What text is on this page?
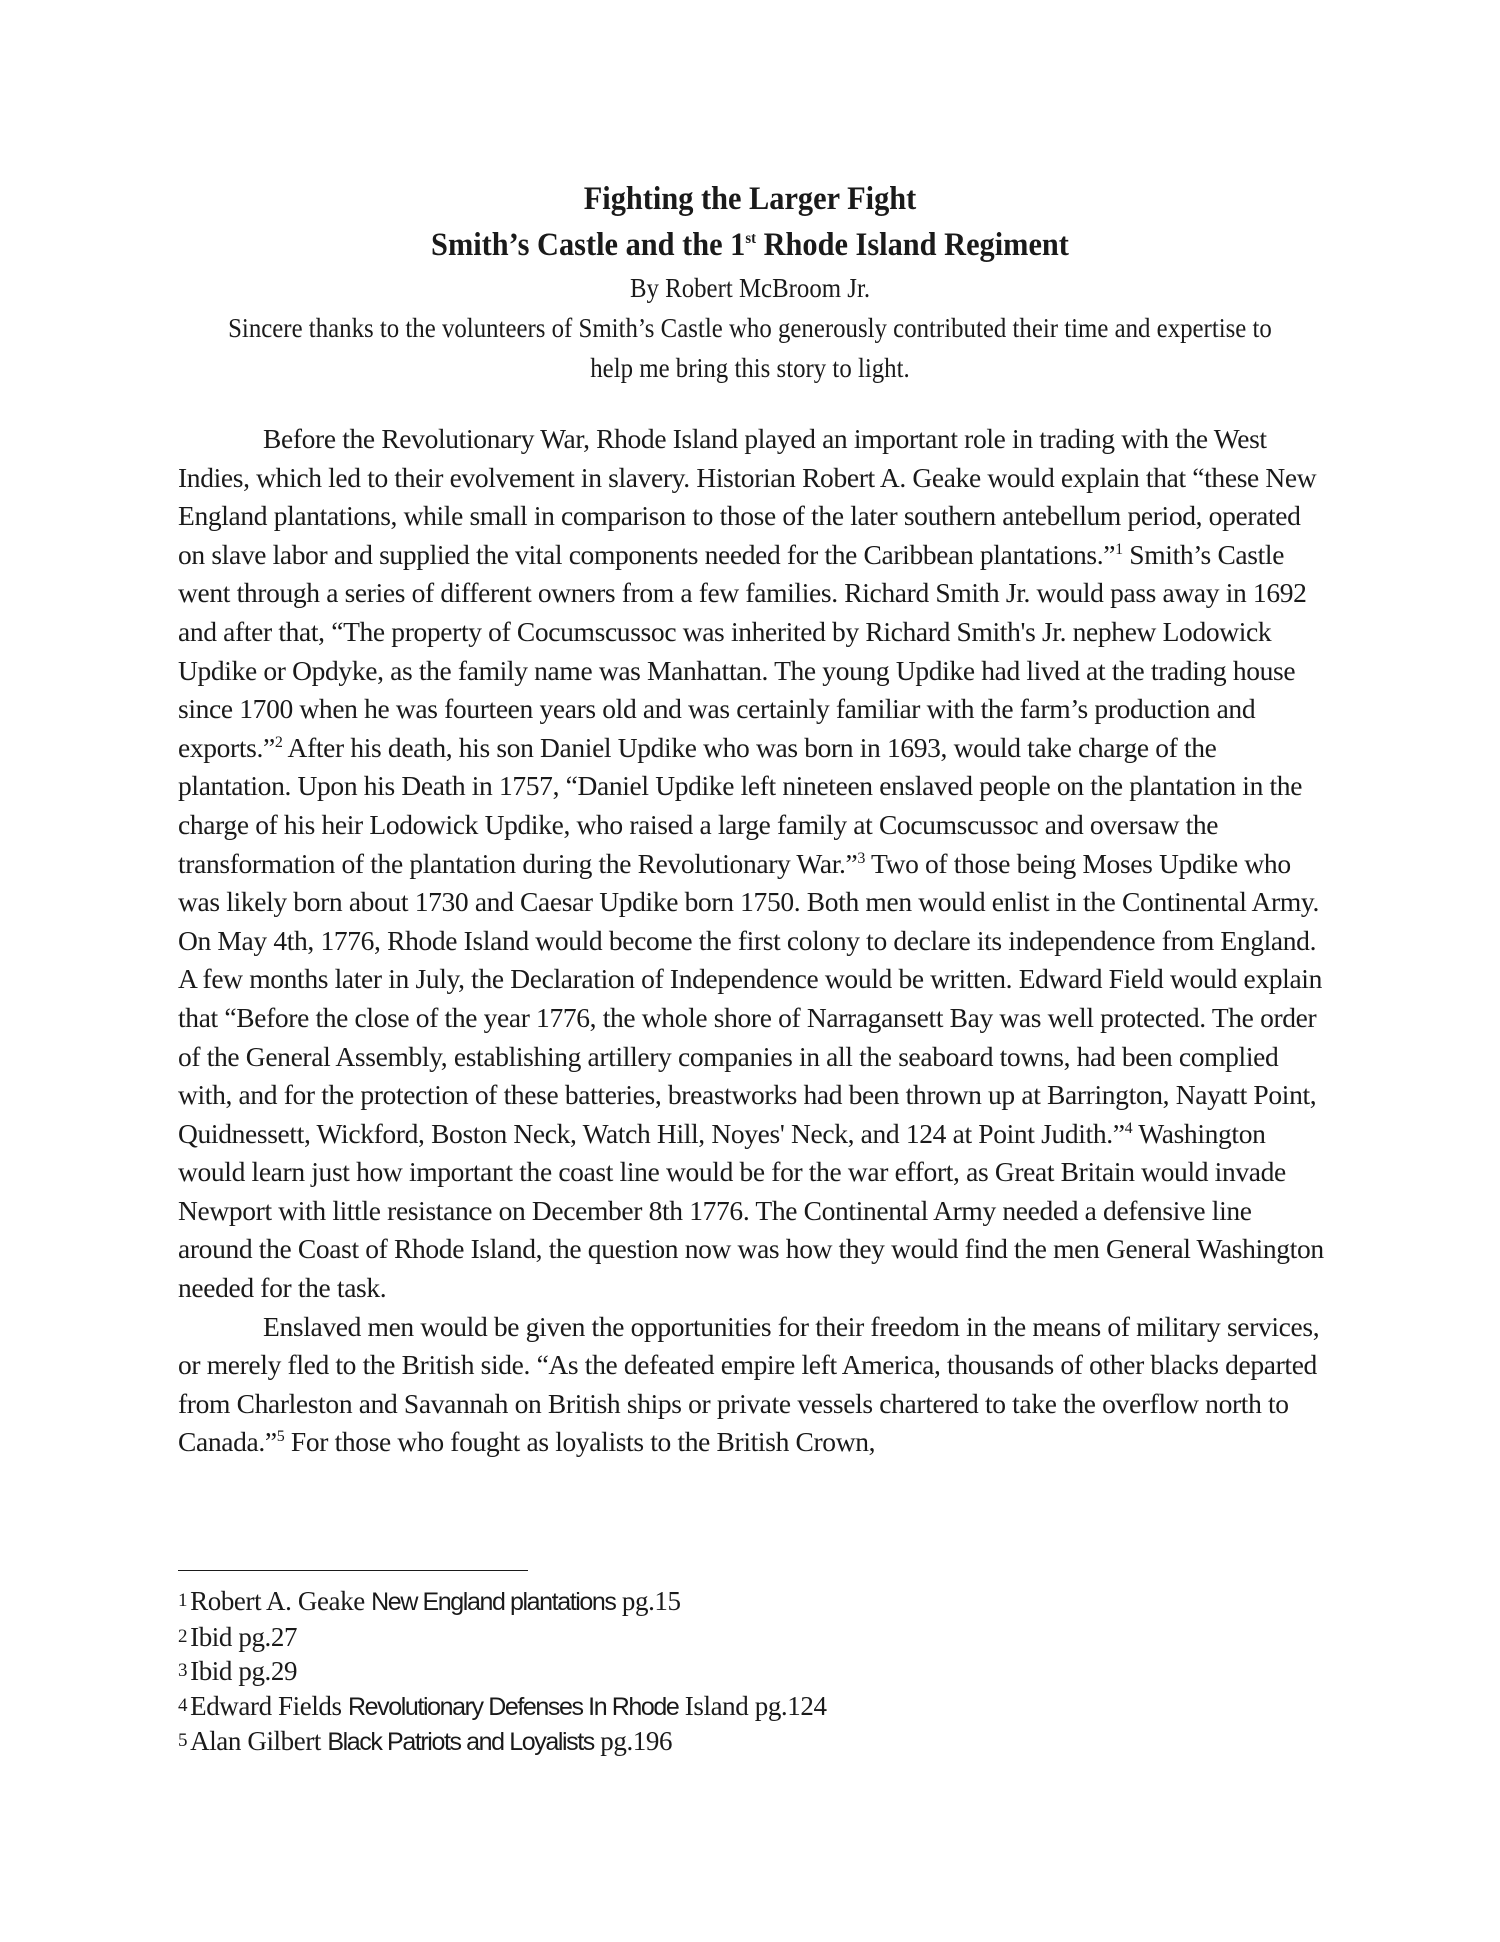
Fighting the Larger Fight
Smith’s Castle and the 1st Rhode Island Regiment
By Robert McBroom Jr.
Sincere thanks to the volunteers of Smith’s Castle who generously contributed their time and expertise to help me bring this story to light.

Before the Revolutionary War, Rhode Island played an important role in trading with the West Indies, which led to their evolvement in slavery. Historian Robert A. Geake would explain that “these New England plantations, while small in comparison to those of the later southern antebellum period, operated on slave labor and supplied the vital components needed for the Caribbean plantations.”$^1$ Smith’s Castle went through a series of different owners from a few families. Richard Smith Jr. would pass away in 1692 and after that, “The property of Cocumscussoc was inherited by Richard Smith's Jr. nephew Lodowick Updike or Opdyke, as the family name was Manhattan. The young Updike had lived at the trading house since 1700 when he was fourteen years old and was certainly familiar with the farm’s production and exports.”$^2$ After his death, his son Daniel Updike who was born in 1693, would take charge of the plantation. Upon his Death in 1757, “Daniel Updike left nineteen enslaved people on the plantation in the charge of his heir Lodowick Updike, who raised a large family at Cocumscussoc and oversaw the transformation of the plantation during the Revolutionary War.”$^3$ Two of those being Moses Updike who was likely born about 1730 and Caesar Updike born 1750. Both men would enlist in the Continental Army. On May 4th, 1776, Rhode Island would become the first colony to declare its independence from England. A few months later in July, the Declaration of Independence would be written. Edward Field would explain that “Before the close of the year 1776, the whole shore of Narragansett Bay was well protected. The order of the General Assembly, establishing artillery companies in all the seaboard towns, had been complied with, and for the protection of these batteries, breastworks had been thrown up at Barrington, Nayatt Point, Quidnessett, Wickford, Boston Neck, Watch Hill, Noyes' Neck, and 124 at Point Judith.”$^4$ Washington would learn just how important the coast line would be for the war effort, as Great Britain would invade Newport with little resistance on December 8th 1776. The Continental Army needed a defensive line around the Coast of Rhode Island, the question now was how they would find the men General Washington needed for the task.

Enslaved men would be given the opportunities for their freedom in the means of military services, or merely fled to the British side. “As the defeated empire left America, thousands of other blacks departed from Charleston and Savannah on British ships or private vessels chartered to take the overflow north to Canada.”$^5$ For those who fought as loyalists to the British Crown,

1 Robert A. Geake New England plantations pg.15
2 Ibid pg.27
3 Ibid pg.29
4 Edward Fields Revolutionary Defenses In Rhode Island pg.124
5 Alan Gilbert Black Patriots and Loyalists pg.196
